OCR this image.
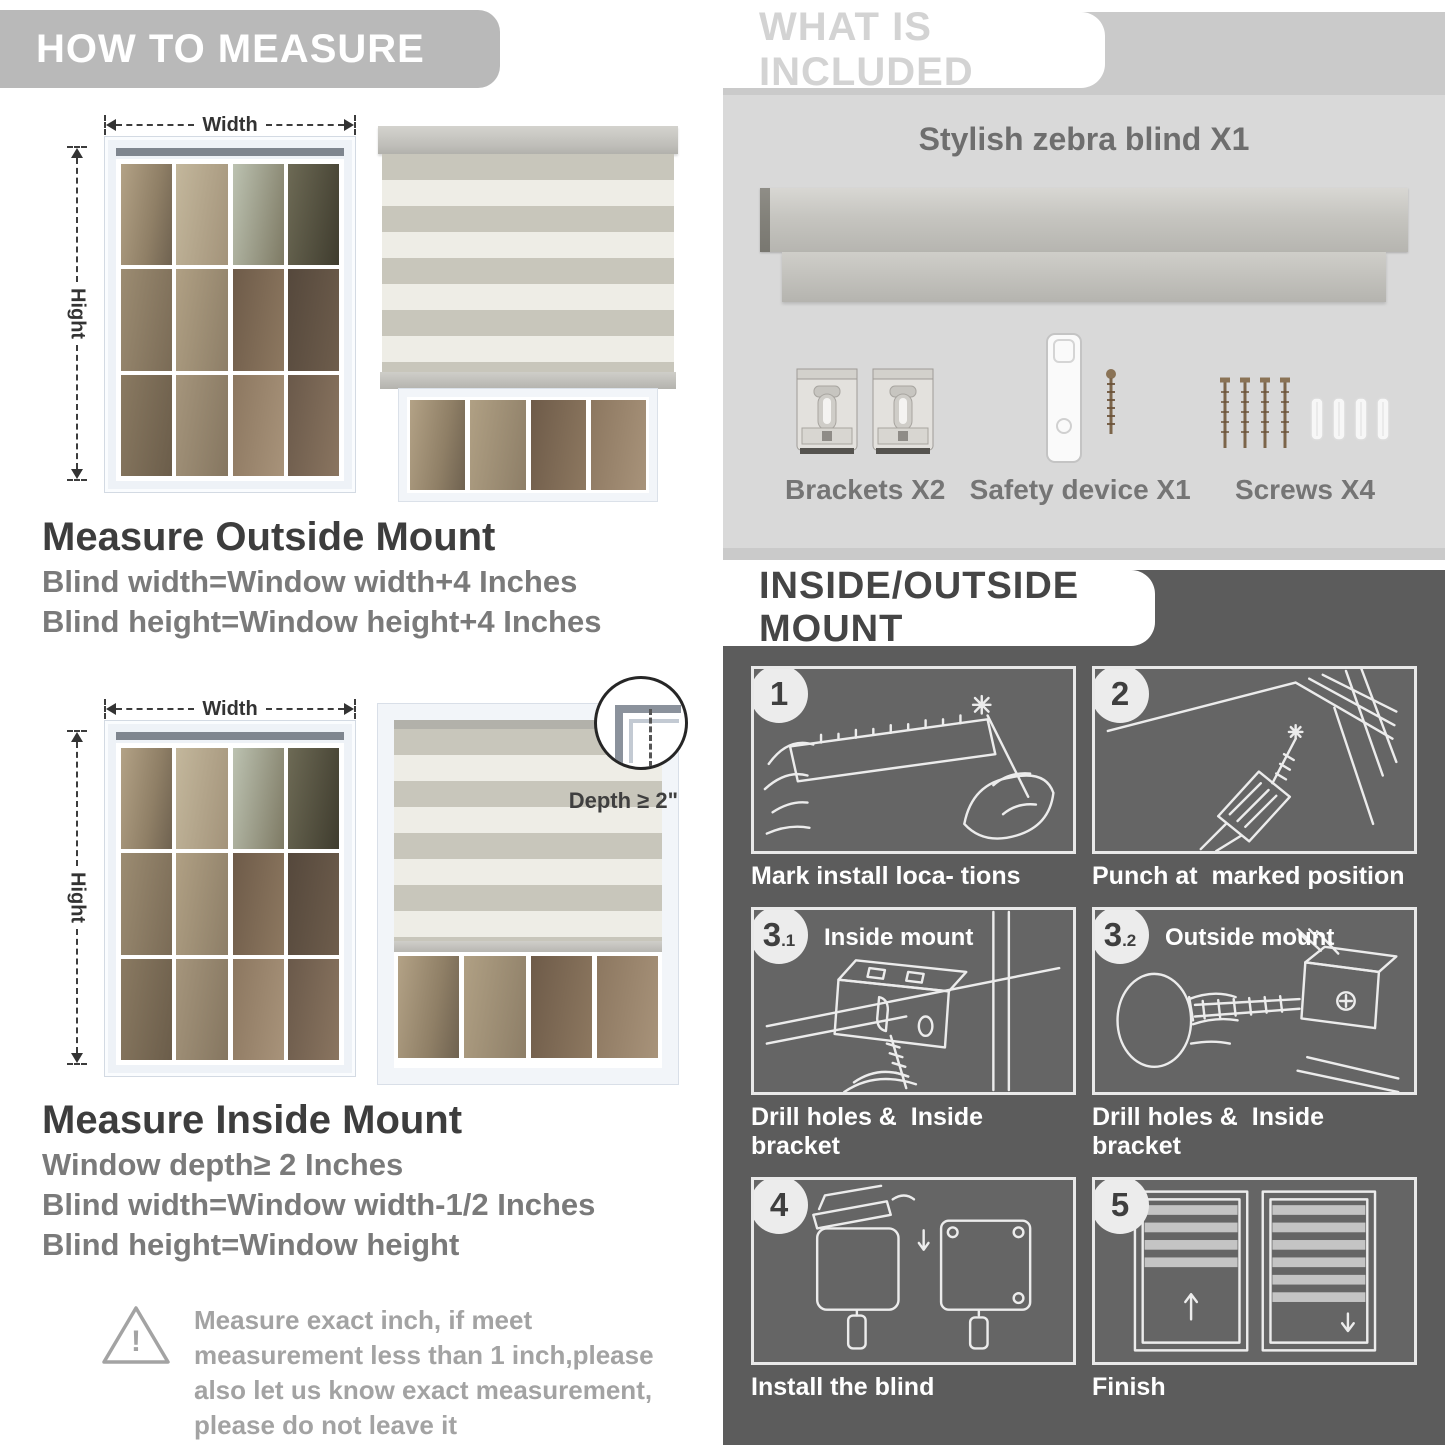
HOW TO MEASURE
Width
Hight
Measure Outside Mount

Blind width=Window width+4 Inches

Blind height=Window height+4 Inches

Width
Hight
Depth ≥ 2"
Measure Inside Mount

Window depth≥ 2 Inches

Blind width=Window width-1/2 Inches

Blind height=Window height

!

Measure exact inch, if meet measurement less than 1 inch,please also let us know exact measurement, please do not leave it

WHAT IS INCLUDED
Stylish zebra blind X1
Brackets X2 Safety device X1 Screws X4
INSIDE/OUTSIDE MOUNT
1
Mark install loca- tions
2
Punch at  marked position
3 .1 Inside mount
Drill holes &  Inside bracket
3 .2 Outside mount
Drill holes &  Inside bracket
4
Install the blind
5
Finish
